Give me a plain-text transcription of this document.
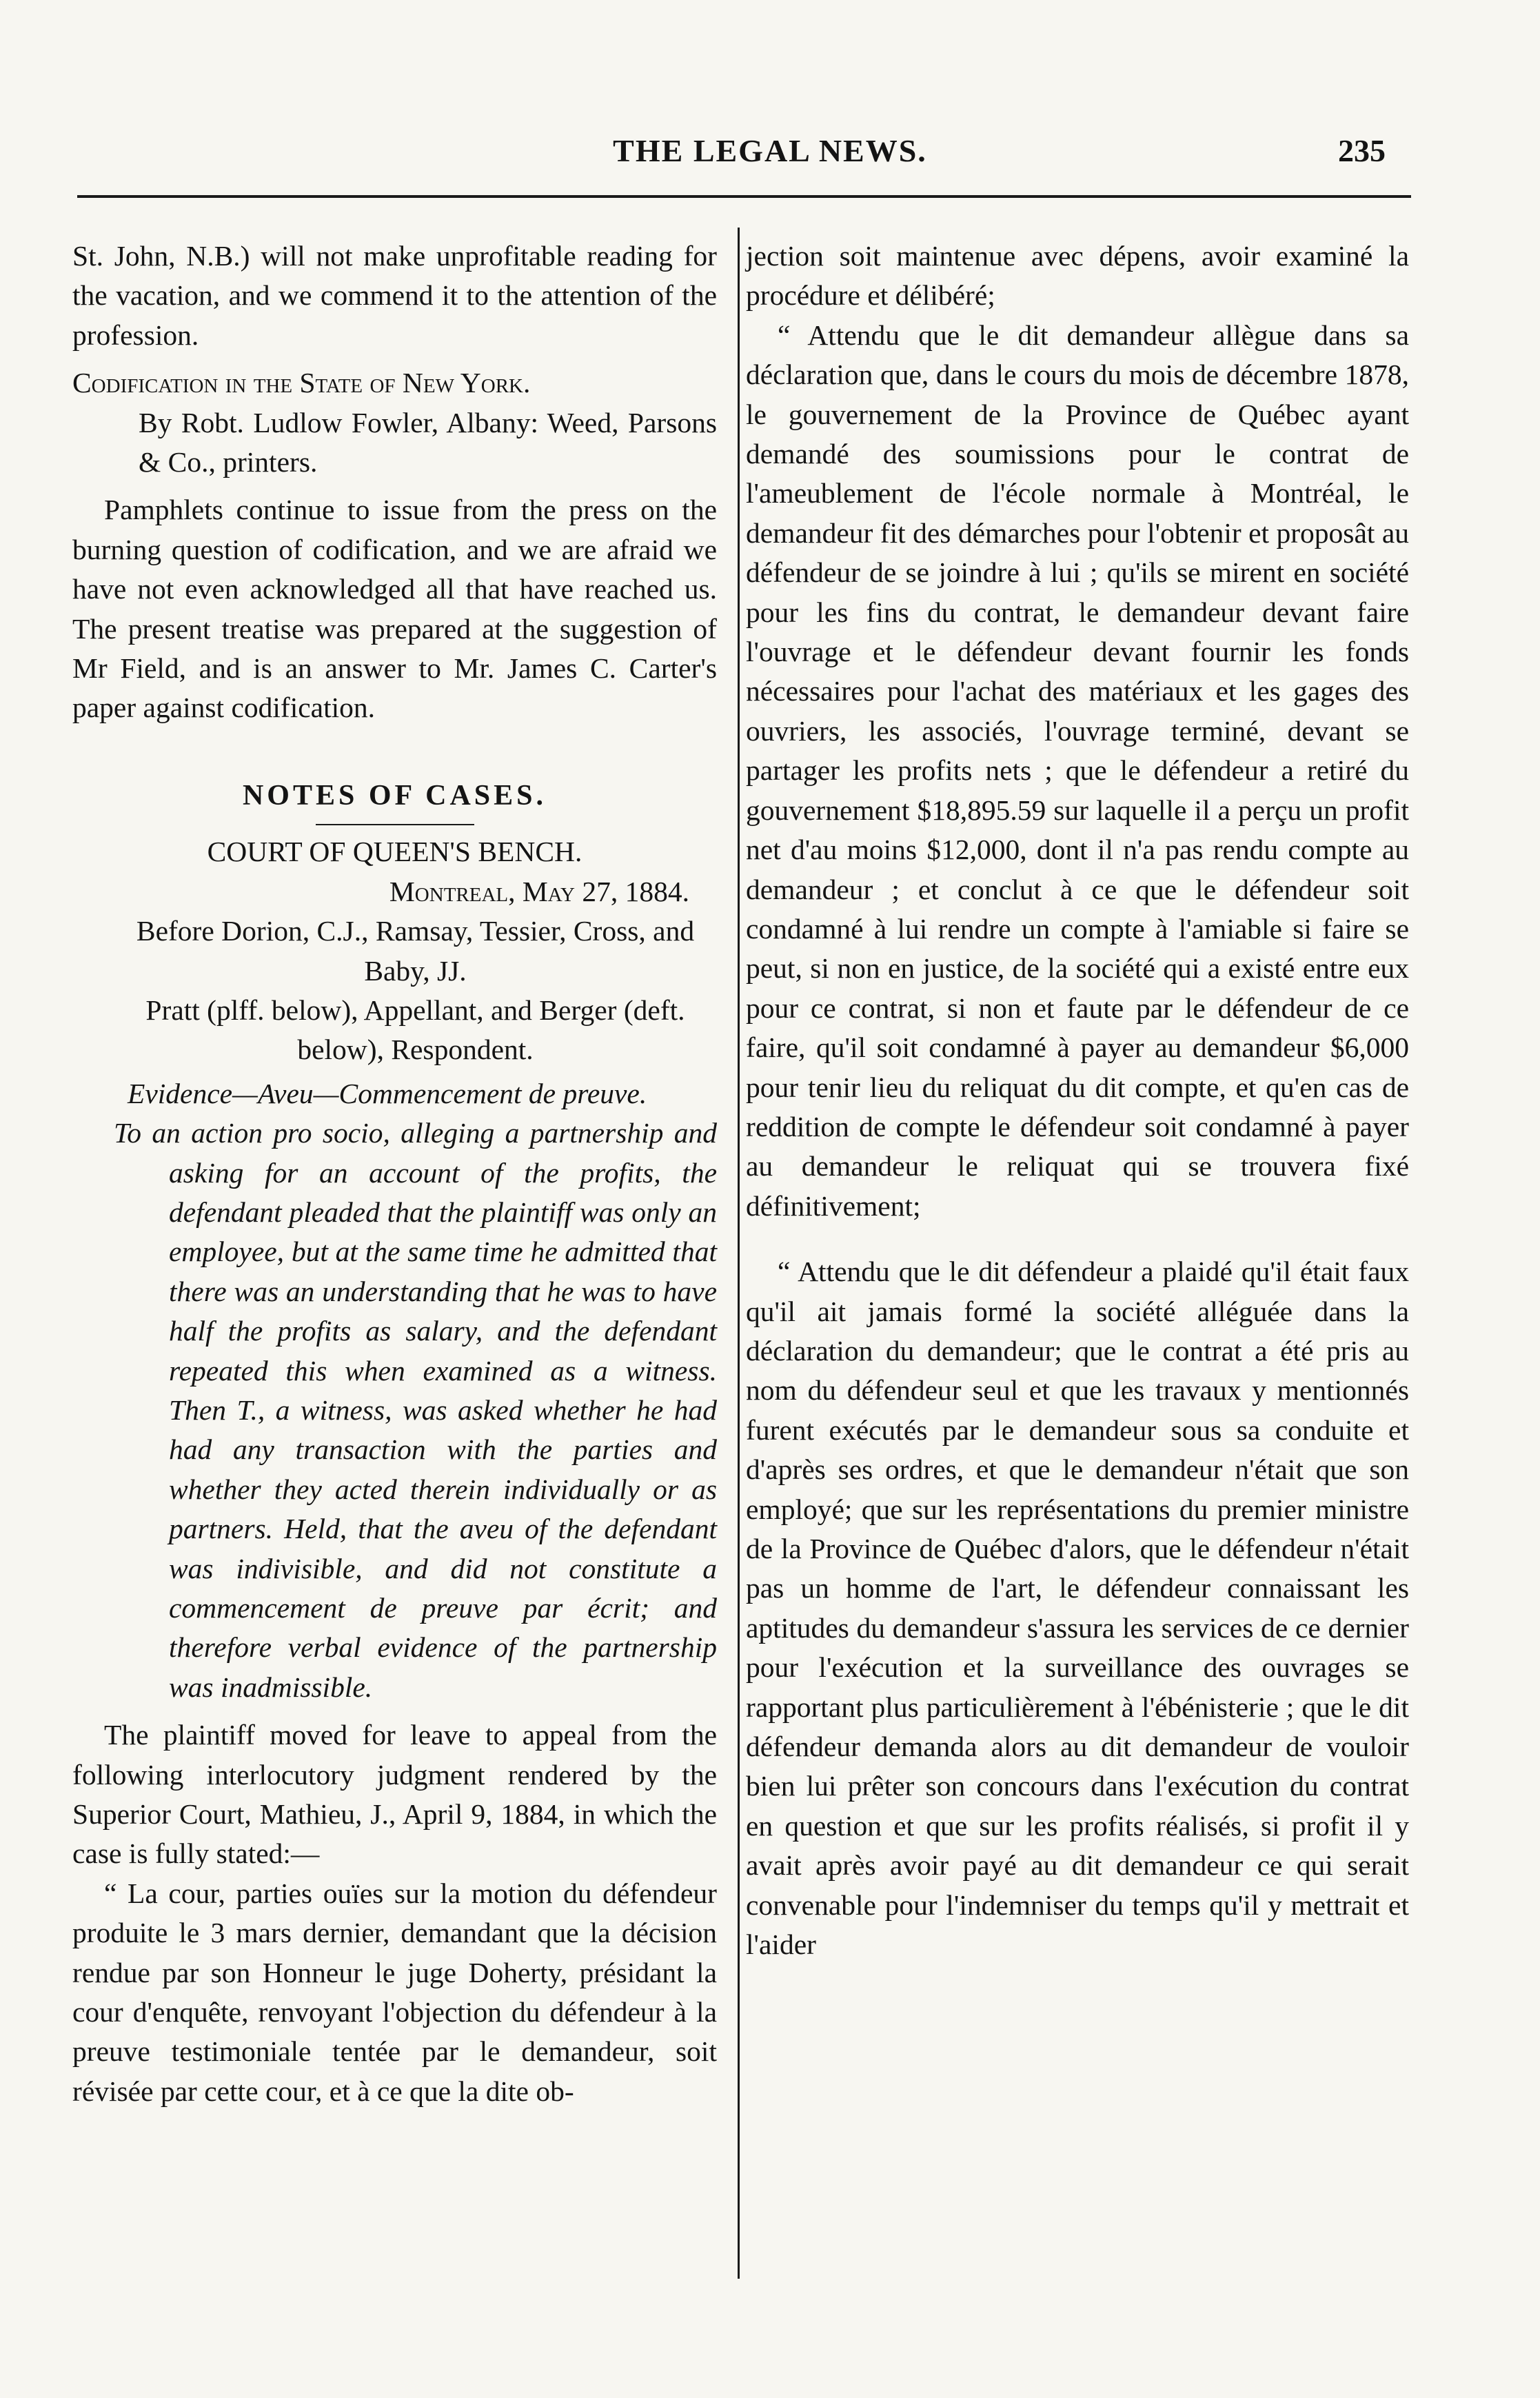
THE LEGAL NEWS.	235

St. John, N.B.) will not make unprofitable reading for the vacation, and we commend it to the attention of the profession.

Codification in the State of New York.

By Robt. Ludlow Fowler, Albany: Weed, Parsons & Co., printers.

Pamphlets continue to issue from the press on the burning question of codification, and we are afraid we have not even acknowledged all that have reached us. The present treatise was prepared at the suggestion of Mr Field, and is an answer to Mr. James C. Carter's paper against codification.

NOTES OF CASES.

COURT OF QUEEN'S BENCH.

Montreal, May 27, 1884.

Before Dorion, C.J., Ramsay, Tessier, Cross, and Baby, JJ.

Pratt (plff. below), Appellant, and Berger (deft. below), Respondent.

Evidence—Aveu—Commencement de preuve.

To an action pro socio, alleging a partnership and asking for an account of the profits, the defendant pleaded that the plaintiff was only an employee, but at the same time he admitted that there was an understanding that he was to have half the profits as salary, and the defendant repeated this when examined as a witness. Then T., a witness, was asked whether he had had any transaction with the parties and whether they acted therein individually or as partners. Held, that the aveu of the defendant was indivisible, and did not constitute a commencement de preuve par écrit; and therefore verbal evidence of the partnership was inadmissible.

The plaintiff moved for leave to appeal from the following interlocutory judgment rendered by the Superior Court, Mathieu, J., April 9, 1884, in which the case is fully stated:—

“ La cour, parties ouïes sur la motion du défendeur produite le 3 mars dernier, demandant que la décision rendue par son Honneur le juge Doherty, présidant la cour d'enquête, renvoyant l'objection du défendeur à la preuve testimoniale tentée par le demandeur, soit révisée par cette cour, et à ce que la dite ob-

jection soit maintenue avec dépens, avoir examiné la procédure et délibéré;

“ Attendu que le dit demandeur allègue dans sa déclaration que, dans le cours du mois de décembre 1878, le gouvernement de la Province de Québec ayant demandé des soumissions pour le contrat de l'ameublement de l'école normale à Montréal, le demandeur fit des démarches pour l'obtenir et proposât au défendeur de se joindre à lui ; qu'ils se mirent en société pour les fins du contrat, le demandeur devant faire l'ouvrage et le défendeur devant fournir les fonds nécessaires pour l'achat des matériaux et les gages des ouvriers, les associés, l'ouvrage terminé, devant se partager les profits nets ; que le défendeur a retiré du gouvernement $18,895.59 sur laquelle il a perçu un profit net d'au moins $12,000, dont il n'a pas rendu compte au demandeur ; et conclut à ce que le défendeur soit condamné à lui rendre un compte à l'amiable si faire se peut, si non en justice, de la société qui a existé entre eux pour ce contrat, si non et faute par le défendeur de ce faire, qu'il soit condamné à payer au demandeur $6,000 pour tenir lieu du reliquat du dit compte, et qu'en cas de reddition de compte le défendeur soit condamné à payer au demandeur le reliquat qui se trouvera fixé définitivement;

“ Attendu que le dit défendeur a plaidé qu'il était faux qu'il ait jamais formé la société alléguée dans la déclaration du demandeur; que le contrat a été pris au nom du défendeur seul et que les travaux y mentionnés furent exécutés par le demandeur sous sa conduite et d'après ses ordres, et que le demandeur n'était que son employé; que sur les représentations du premier ministre de la Province de Québec d'alors, que le défendeur n'était pas un homme de l'art, le défendeur connaissant les aptitudes du demandeur s'assura les services de ce dernier pour l'exécution et la surveillance des ouvrages se rapportant plus particulièrement à l'ébénisterie ; que le dit défendeur demanda alors au dit demandeur de vouloir bien lui prêter son concours dans l'exécution du contrat en question et que sur les profits réalisés, si profit il y avait après avoir payé au dit demandeur ce qui serait convenable pour l'indemniser du temps qu'il y mettrait et l'aider
